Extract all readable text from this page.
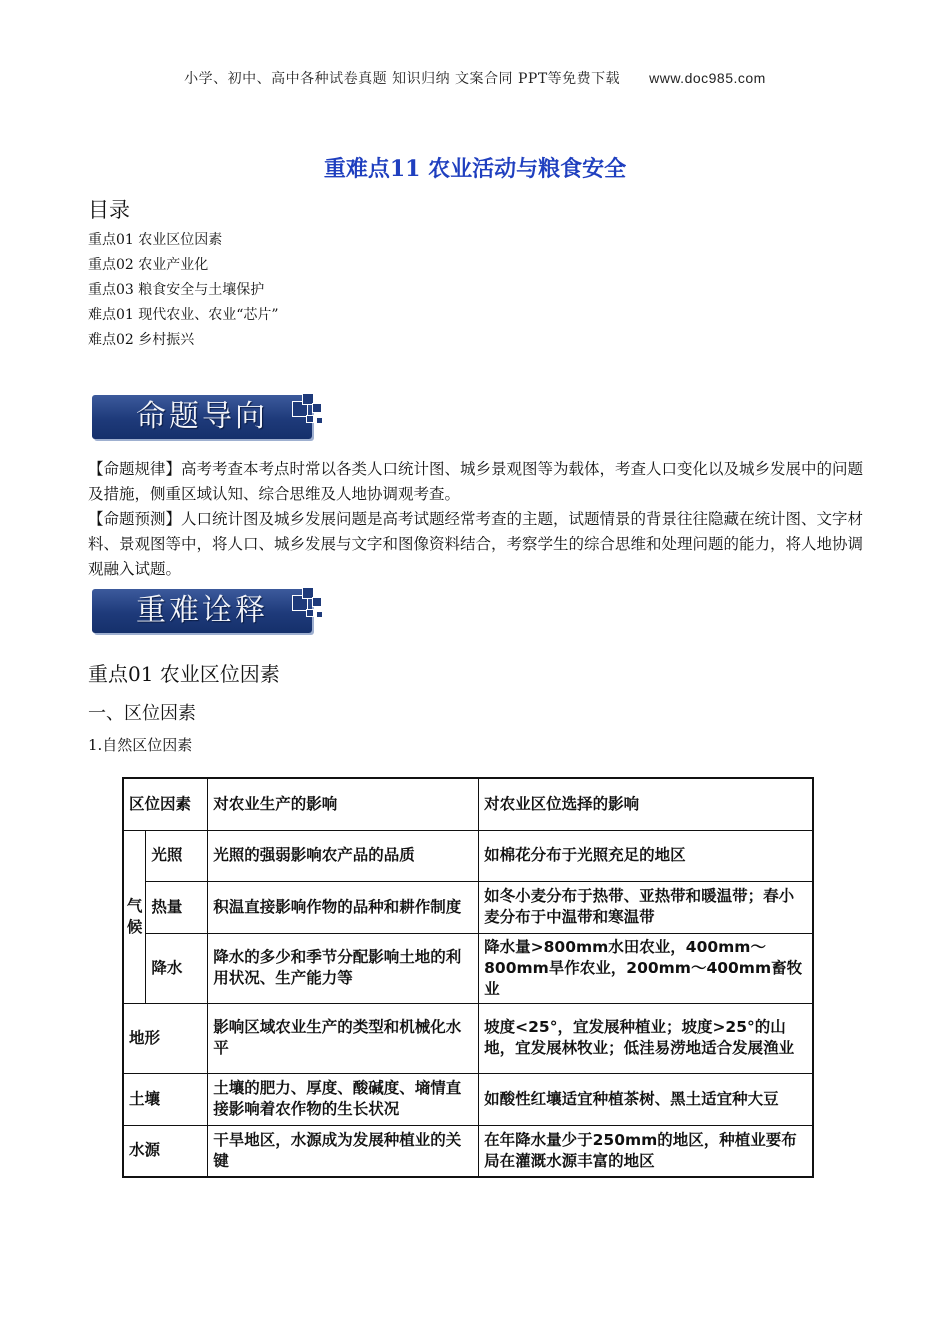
小学、初中、高中各种试卷真题 知识归纳 文案合同 PPT等免费下载 www.doc985.com
重难点11 农业活动与粮食安全
目录
重点01 农业区位因素
重点02 农业产业化
重点03 粮食安全与土壤保护
难点01 现代农业、农业“芯片”
难点02 乡村振兴
命题导向

【命题规律】高考考查本考点时常以各类人口统计图、城乡景观图等为载体，考查人口变化以及城乡发展中的问题及措施，侧重区域认知、综合思维及人地协调观考查。

【命题预测】人口统计图及城乡发展问题是高考试题经常考查的主题，试题情景的背景往往隐藏在统计图、文字材料、景观图等中，将人口、城乡发展与文字和图像资料结合，考察学生的综合思维和处理问题的能力，将人地协调观融入试题。

重难诠释
重点01 农业区位因素
一、区位因素
1.自然区位因素
区位因素		对农业生产的影响	对农业区位选择的影响
气候	光照	光照的强弱影响农产品的品质	如棉花分布于光照充足的地区
	热量	积温直接影响作物的品种和耕作制度	如冬小麦分布于热带、亚热带和暖温带；春小麦分布于中温带和寒温带
	降水	降水的多少和季节分配影响土地的利用状况、生产能力等	降水量>800mm水田农业，400mm～800mm旱作农业，200mm～400mm畜牧业
地形		影响区域农业生产的类型和机械化水平	坡度<25°，宜发展种植业；坡度>25°的山地，宜发展林牧业；低洼易涝地适合发展渔业
土壤		土壤的肥力、厚度、酸碱度、墒情直接影响着农作物的生长状况	如酸性红壤适宜种植茶树、黑土适宜种大豆
水源		干旱地区，水源成为发展种植业的关键	在年降水量少于250mm的地区，种植业要布局在灌溉水源丰富的地区
